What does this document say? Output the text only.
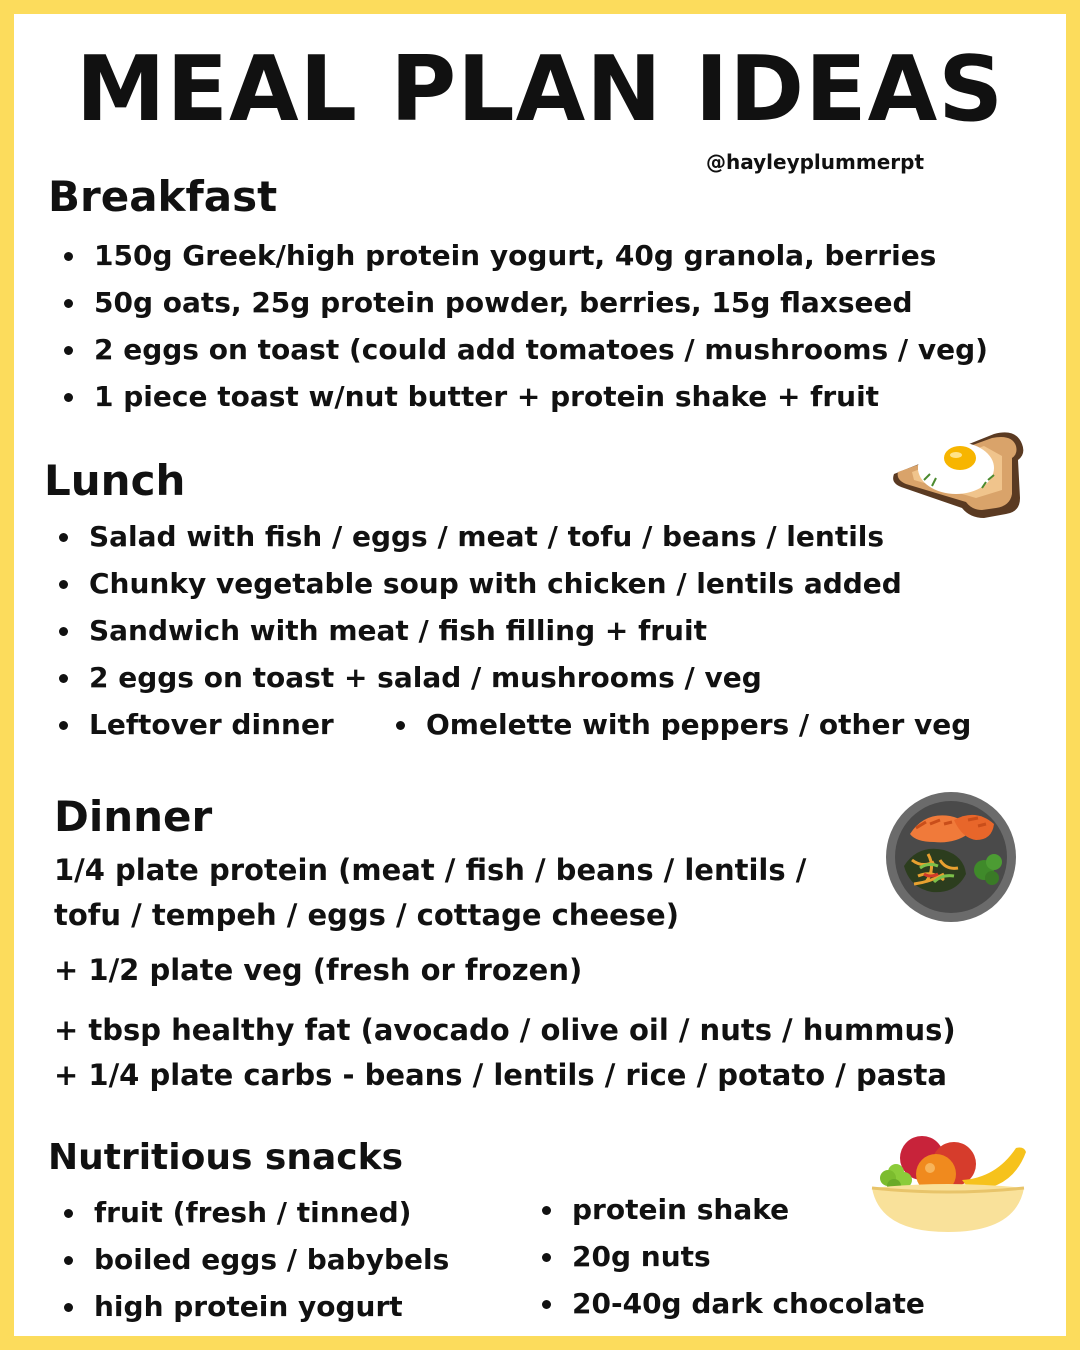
MEAL PLAN IDEAS
@hayleyplummerpt
Breakfast
150g Greek/high protein yogurt, 40g granola, berries
50g oats, 25g protein powder, berries, 15g flaxseed
2 eggs on toast (could add tomatoes / mushrooms / veg)
1 piece toast w/nut butter + protein shake + fruit
Lunch
Salad with fish / eggs / meat / tofu / beans / lentils
Chunky vegetable soup with chicken / lentils added
Sandwich with meat / fish filling + fruit
2 eggs on toast + salad / mushrooms / veg
Leftover dinner	Omelette with peppers / other veg
Dinner
1/4 plate protein (meat / fish / beans / lentils /
tofu / tempeh / eggs / cottage cheese)
+ 1/2 plate veg (fresh or frozen)
+ tbsp healthy fat (avocado / olive oil / nuts / hummus)
+ 1/4 plate carbs - beans / lentils / rice / potato / pasta
Nutritious snacks
fruit (fresh / tinned)
boiled eggs / babybels
high protein yogurt
protein shake
20g nuts
20-40g dark chocolate
